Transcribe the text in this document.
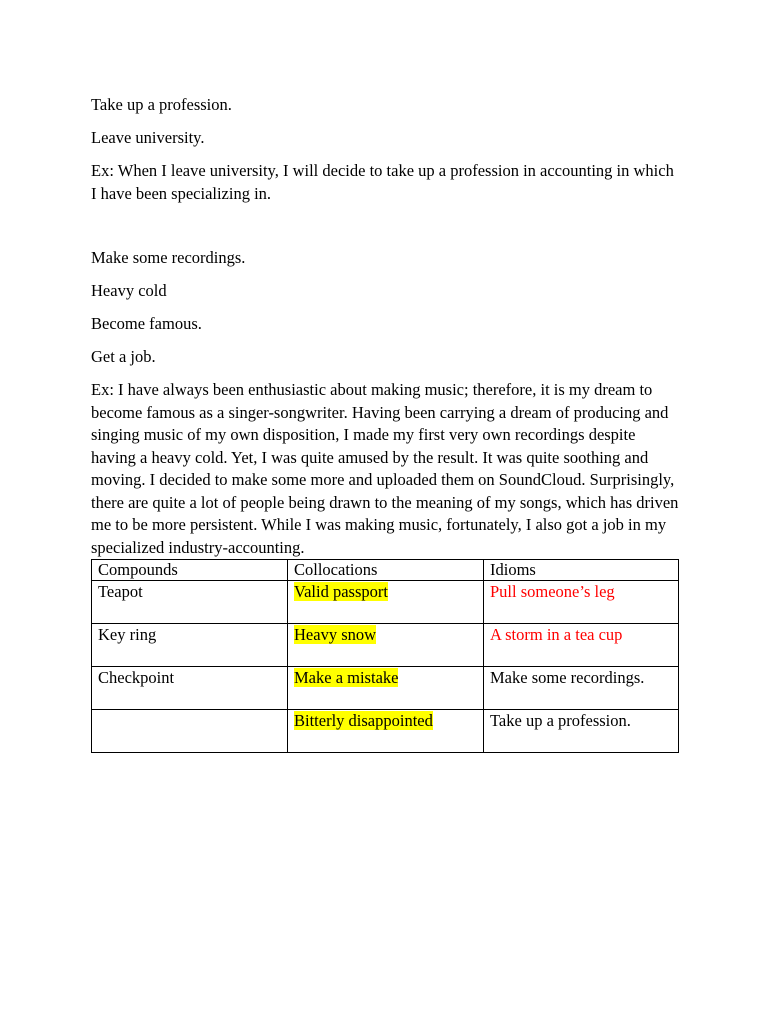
Take up a profession.

Leave university.

Ex: When I leave university, I will decide to take up a profession in accounting in which I have been specializing in.

Make some recordings.

Heavy cold

Become famous.

Get a job.

Ex: I have always been enthusiastic about making music; therefore, it is my dream to become famous as a singer-songwriter. Having been carrying a dream of producing and singing music of my own disposition, I made my first very own recordings despite having a heavy cold. Yet, I was quite amused by the result. It was quite soothing and moving. I decided to make some more and uploaded them on SoundCloud. Surprisingly, there are quite a lot of people being drawn to the meaning of my songs, which has driven me to be more persistent. While I was making music, fortunately, I also got a job in my specialized industry-accounting.

Compounds	Collocations	Idioms
Teapot	Valid passport	Pull someone’s leg
Key ring	Heavy snow	A storm in a tea cup
Checkpoint	Make a mistake	Make some recordings.
	Bitterly disappointed	Take up a profession.
